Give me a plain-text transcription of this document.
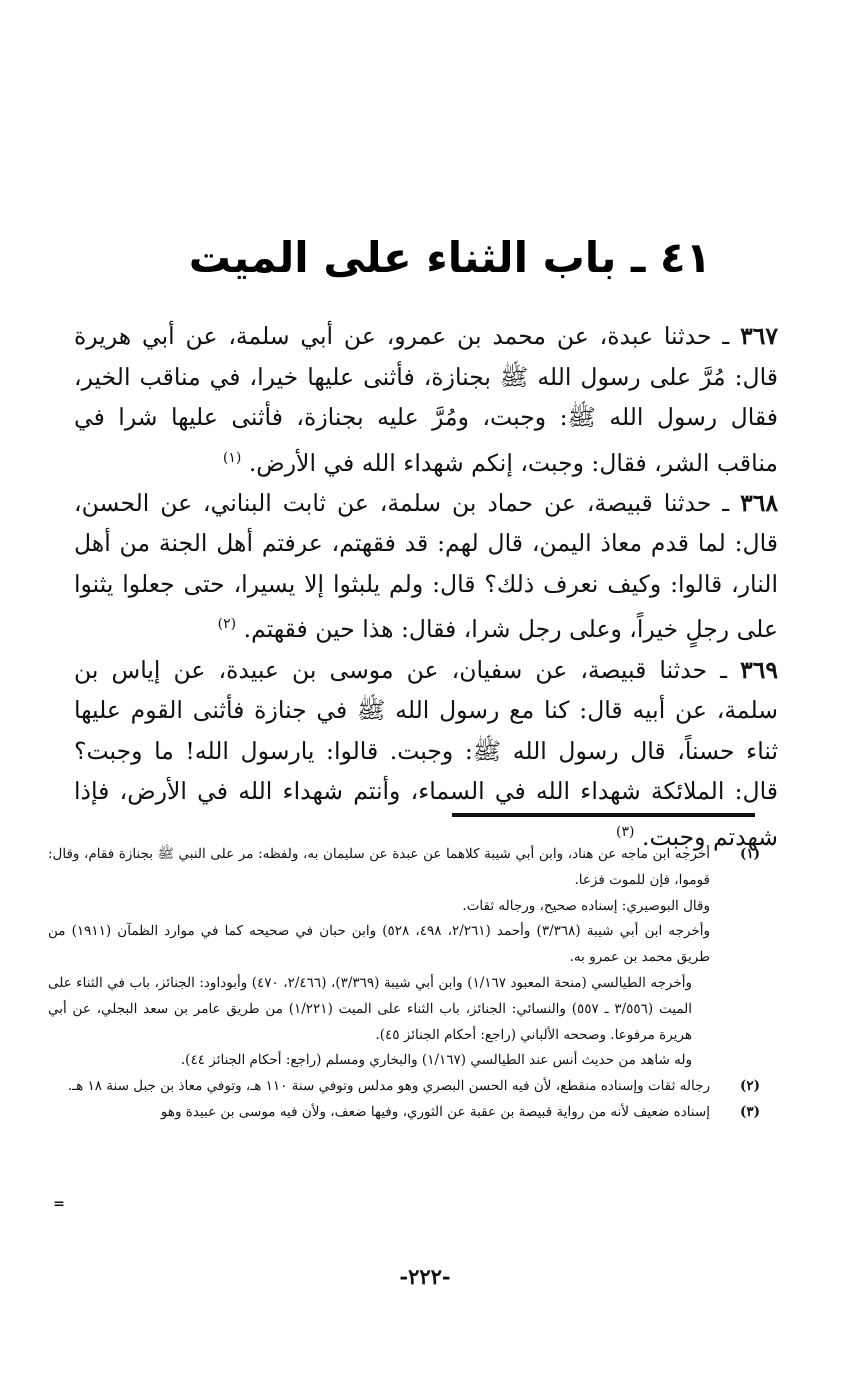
٤١ ـ باب الثناء على الميت

٣٦٧ ـ حدثنا عبدة، عن محمد بن عمرو، عن أبي سلمة، عن أبي هريرة قال: مُرَّ على رسول الله ﷺ بجنازة، فأثنى عليها خيرا، في مناقب الخير، فقال رسول الله ﷺ: وجبت، ومُرَّ عليه بجنازة، فأثنى عليها شرا في مناقب الشر، فقال: وجبت، إنكم شهداء الله في الأرض. $^{(١)}$

٣٦٨ ـ حدثنا قبيصة، عن حماد بن سلمة، عن ثابت البناني، عن الحسن، قال: لما قدم معاذ اليمن، قال لهم: قد فقهتم، عرفتم أهل الجنة من أهل النار، قالوا: وكيف نعرف ذلك؟ قال: ولم يلبثوا إلا يسيرا، حتى جعلوا يثنوا على رجلٍ خيراً، وعلى رجل شرا، فقال: هذا حين فقهتم. $^{(٢)}$

٣٦٩ ـ حدثنا قبيصة، عن سفيان، عن موسى بن عبيدة، عن إياس بن سلمة، عن أبيه قال: كنا مع رسول الله ﷺ في جنازة فأثنى القوم عليها ثناء حسناً، قال رسول الله ﷺ: وجبت. قالوا: يارسول الله! ما وجبت؟ قال: الملائكة شهداء الله في السماء، وأنتم شهداء الله في الأرض، فإذا شهدتم وجبت. $^{(٣)}$

(١)

أخرجه ابن ماجه عن هناد، وابن أبي شيبة كلاهما عن عبدة عن سليمان به، ولفظه: مر على النبي ﷺ بجنازة فقام، وقال: قوموا، فإن للموت فزعا.

وقال البوصيري: إسناده صحيح، ورجاله ثقات.

وأخرجه ابن أبي شيبة (٣/٣٦٨) وأحمد (٢/٢٦١، ٤٩٨، ٥٢٨) وابن حبان في صحيحه كما في موارد الظمآن (١٩١١) من طريق محمد بن عمرو به.

وأخرجه الطيالسي (منحة المعبود ١/١٦٧) وابن أبي شيبة (٣/٣٦٩)، (٢/٤٦٦، ٤٧٠) وأبوداود: الجنائز، باب في الثناء على الميت (٣/٥٥٦ ـ ٥٥٧) والنسائي: الجنائز، باب الثناء على الميت (١/٢٢١) من طريق عامر بن سعد البجلي، عن أبي هريرة مرفوعا. وصححه الألباني (راجع: أحكام الجنائز ٤٥).

وله شاهد من حديث أنس عند الطيالسي (١/١٦٧) والبخاري ومسلم (راجع: أحكام الجنائز ٤٤).

(٢)

رجاله ثقات وإسناده منقطع، لأن فيه الحسن البصري وهو مدلس وتوفي سنة ١١٠ هـ، وتوفي معاذ بن جبل سنة ١٨ هـ.

(٣)

إسناده ضعيف لأنه من رواية قبيصة بن عقبة عن الثوري، وفيها ضعف، ولأن فيه موسى بن عبيدة وهو

=
-٢٢٢-
